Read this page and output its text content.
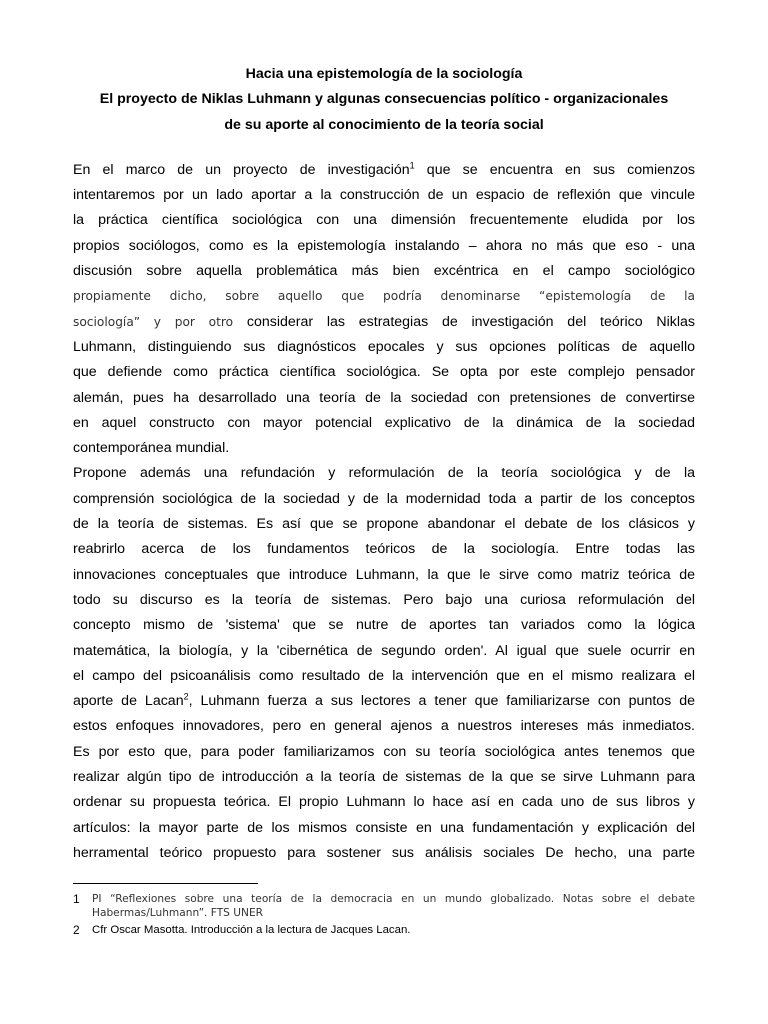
Hacia una epistemología de la sociología
El proyecto de Niklas Luhmann y algunas consecuencias político - organizacionales
de su aporte al conocimiento de la teoría social
En el marco de un proyecto de investigación$^1$ que se encuentra en sus comienzos
intentaremos por un lado aportar a la construcción de un espacio de reflexión que vincule
la práctica científica sociológica con una dimensión frecuentemente eludida por los
propios sociólogos, como es la epistemología instalando – ahora no más que eso - una
discusión sobre aquella problemática más bien excéntrica en el campo sociológico
propiamente dicho, sobre aquello que podría denominarse “epistemología de la
sociología” y por otro considerar las estrategias de investigación del teórico Niklas
Luhmann, distinguiendo sus diagnósticos epocales y sus opciones políticas de aquello
que defiende como práctica científica sociológica. Se opta por este complejo pensador
alemán, pues ha desarrollado una teoría de la sociedad con pretensiones de convertirse
en aquel constructo con mayor potencial explicativo de la dinámica de la sociedad
contemporánea mundial.
Propone además una refundación y reformulación de la teoría sociológica y de la
comprensión sociológica de la sociedad y de la modernidad toda a partir de los conceptos
de la teoría de sistemas. Es así que se propone abandonar el debate de los clásicos y
reabrirlo acerca de los fundamentos teóricos de la sociología. Entre todas las
innovaciones conceptuales que introduce Luhmann, la que le sirve como matriz teórica de
todo su discurso es la teoría de sistemas. Pero bajo una curiosa reformulación del
concepto mismo de 'sistema' que se nutre de aportes tan variados como la lógica
matemática, la biología, y la 'cibernética de segundo orden'. Al igual que suele ocurrir en
el campo del psicoanálisis como resultado de la intervención que en el mismo realizara el
aporte de Lacan$^2$, Luhmann fuerza a sus lectores a tener que familiarizarse con puntos de
estos enfoques innovadores, pero en general ajenos a nuestros intereses más inmediatos.
Es por esto que, para poder familiarizamos con su teoría sociológica antes tenemos que
realizar algún tipo de introducción a la teoría de sistemas de la que se sirve Luhmann para
ordenar su propuesta teórica. El propio Luhmann lo hace así en cada uno de sus libros y
artículos: la mayor parte de los mismos consiste en una fundamentación y explicación del
herramental teórico propuesto para sostener sus análisis sociales De hecho, una parte
1	PI “Reflexiones sobre una teoría de la democracia en un mundo globalizado. Notas sobre el debate
Habermas/Luhmann”. FTS UNER
2	Cfr Oscar Masotta. Introducción a la lectura de Jacques Lacan.
